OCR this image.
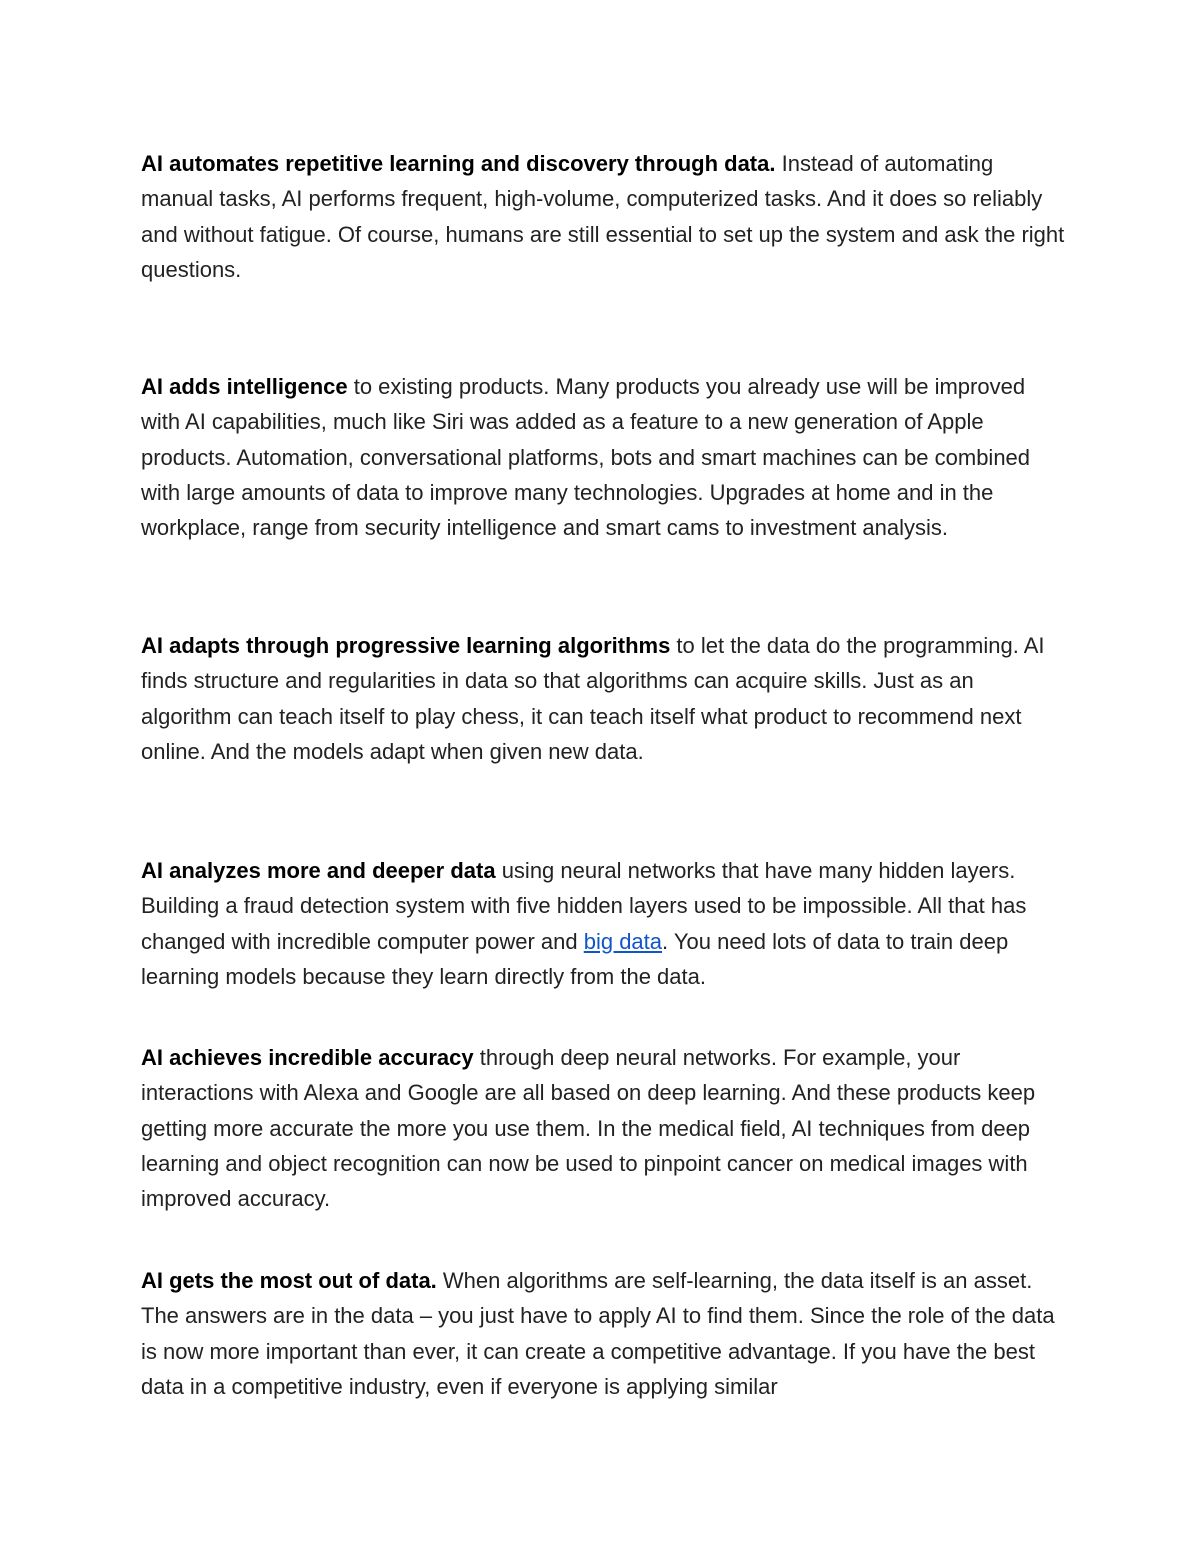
AI automates repetitive learning and discovery through data. Instead of automating manual tasks, AI performs frequent, high-volume, computerized tasks. And it does so reliably and without fatigue. Of course, humans are still essential to set up the system and ask the right questions.

AI adds intelligence to existing products. Many products you already use will be improved with AI capabilities, much like Siri was added as a feature to a new generation of Apple products. Automation, conversational platforms, bots and smart machines can be combined with large amounts of data to improve many technologies. Upgrades at home and in the workplace, range from security intelligence and smart cams to investment analysis.

AI adapts through progressive learning algorithms to let the data do the programming. AI finds structure and regularities in data so that algorithms can acquire skills. Just as an algorithm can teach itself to play chess, it can teach itself what product to recommend next online. And the models adapt when given new data.

AI analyzes more and deeper data using neural networks that have many hidden layers. Building a fraud detection system with five hidden layers used to be impossible. All that has changed with incredible computer power and big data. You need lots of data to train deep learning models because they learn directly from the data.

AI achieves incredible accuracy through deep neural networks. For example, your interactions with Alexa and Google are all based on deep learning. And these products keep getting more accurate the more you use them. In the medical field, AI techniques from deep learning and object recognition can now be used to pinpoint cancer on medical images with improved accuracy.

AI gets the most out of data. When algorithms are self-learning, the data itself is an asset. The answers are in the data – you just have to apply AI to find them. Since the role of the data is now more important than ever, it can create a competitive advantage. If you have the best data in a competitive industry, even if everyone is applying similar
